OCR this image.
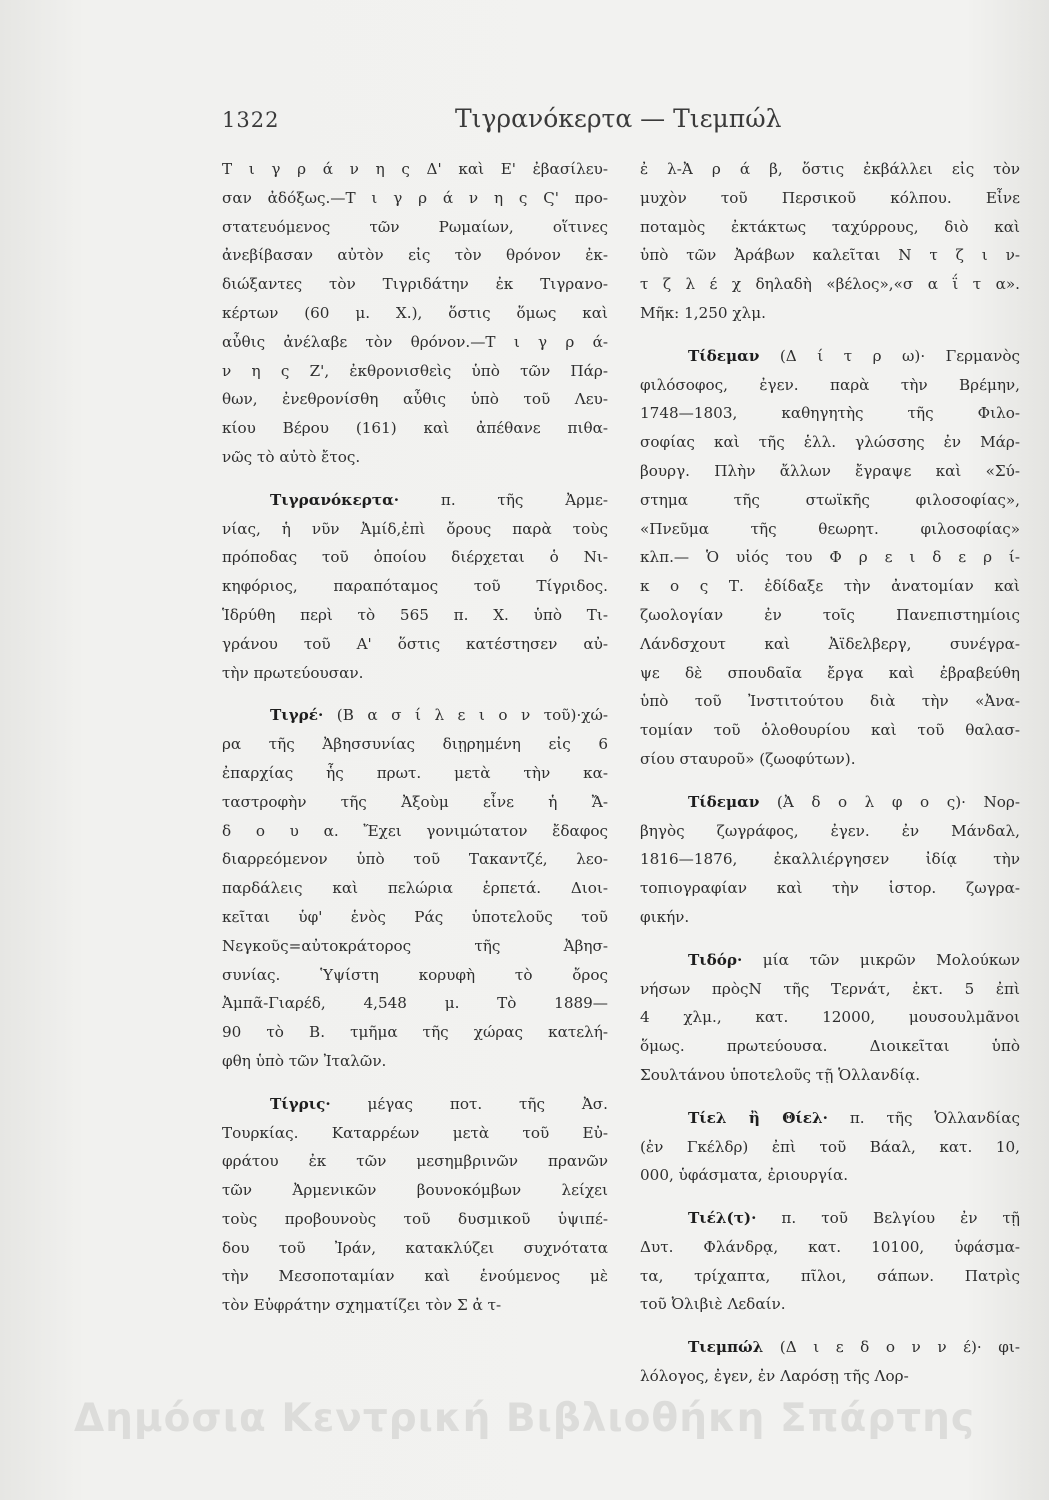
1322	Τιγρανόκερτα — Τιεμπώλ
Τ ι γ ρ ά ν η ς Δ' καὶ Ε' ἐβασίλευ-
σαν ἀδόξως.—Τ ι γ ρ ά ν η ς Ϛ' προ-
στατευόμενος τῶν Ρωμαίων, οἵτινες
ἀνεβίβασαν αὐτὸν εἰς τὸν θρόνον ἐκ-
διώξαντες τὸν Τιγριδάτην ἐκ Τιγρανο-
κέρτων (60 μ. Χ.), ὅστις ὅμως καὶ
αὖθις ἀνέλαβε τὸν θρόνον.—Τ ι γ ρ ά-
ν η ς Ζ', ἐκθρονισθεὶς ὑπὸ τῶν Πάρ-
θων, ἐνεθρονίσθη αὖθις ὑπὸ τοῦ Λευ-
κίου Βέρου (161) καὶ ἀπέθανε πιθα-
νῶς τὸ αὐτὸ ἔτος.
Τιγρανόκερτα· π. τῆς Ἀρμε-
νίας, ἡ νῦν Ἀμίδ,ἐπὶ ὄρους παρὰ τοὺς
πρόποδας τοῦ ὁποίου διέρχεται ὁ Νι-
κηφόριος, παραπόταμος τοῦ Τίγριδος.
Ἱδρύθη περὶ τὸ 565 π. Χ. ὑπὸ Τι-
γράνου τοῦ Α' ὅστις κατέστησεν αὐ-
τὴν πρωτεύουσαν.
Τιγρέ· (Β α σ ί λ ε ι ο ν τοῦ)·χώ-
ρα τῆς Ἀβησσυνίας διῃρημένη εἰς 6
ἐπαρχίας ἧς πρωτ. μετὰ τὴν κα-
ταστροφὴν τῆς Ἀξοὺμ εἶνε ἡ Ἄ-
δ ο υ α. Ἔχει γονιμώτατον ἔδαφος
διαρρεόμενον ὑπὸ τοῦ Τακαντζέ, λεο-
παρδάλεις καὶ πελώρια ἑρπετά. Διοι-
κεῖται ὑφ' ἑνὸς Ράς ὑποτελοῦς τοῦ
Νεγκοῦς=αὐτοκράτορος τῆς Ἀβησ-
συνίας. Ὑψίστη κορυφὴ τὸ ὄρος
Ἀμπᾶ-Γιαρέδ, 4,548 μ. Τὸ 1889—
90 τὸ Β. τμῆμα τῆς χώρας κατελή-
φθη ὑπὸ τῶν Ἰταλῶν.
Τίγρις· μέγας ποτ. τῆς Ἀσ.
Τουρκίας. Καταρρέων μετὰ τοῦ Εὐ-
φράτου ἐκ τῶν μεσημβρινῶν πρανῶν
τῶν Ἀρμενικῶν βουνοκόμβων λείχει
τοὺς προβουνοὺς τοῦ δυσμικοῦ ὑψιπέ-
δου τοῦ Ἰράν, κατακλύζει συχνότατα
τὴν Μεσοποταμίαν καὶ ἑνούμενος μὲ
τὸν Εὐφράτην σχηματίζει τὸν Σ ἀ τ-
ἐ λ-Ἀ ρ ά β, ὅστις ἐκβάλλει εἰς τὸν
μυχὸν τοῦ Περσικοῦ κόλπου. Εἶνε
ποταμὸς ἐκτάκτως ταχύρρους, διὸ καὶ
ὑπὸ τῶν Ἀράβων καλεῖται Ν τ ζ ι ν-
τ ζ λ έ χ δηλαδὴ «βέλος»,«σ α ΐ τ α».
Μῆκ: 1,250 χλμ.
Τίδεμαν (Δ ί τ ρ ω)· Γερμανὸς
φιλόσοφος, ἐγεν. παρὰ τὴν Βρέμην,
1748—1803, καθηγητὴς τῆς Φιλο-
σοφίας καὶ τῆς ἑλλ. γλώσσης ἐν Μάρ-
βουργ. Πλὴν ἄλλων ἔγραψε καὶ «Σύ-
στημα τῆς στωϊκῆς φιλοσοφίας»,
«Πνεῦμα τῆς θεωρητ. φιλοσοφίας»
κλπ.— Ὁ υἱός του Φ ρ ε ι δ ε ρ ί-
κ ο ς Τ. ἐδίδαξε τὴν ἀνατομίαν καὶ
ζωολογίαν ἐν τοῖς Πανεπιστημίοις
Λάνδσχουτ καὶ Ἀϊδελβεργ, συνέγρα-
ψε δὲ σπουδαῖα ἔργα καὶ ἐβραβεύθη
ὑπὸ τοῦ Ἰνστιτούτου διὰ τὴν «Ἀνα-
τομίαν τοῦ ὁλοθουρίου καὶ τοῦ θαλασ-
σίου σταυροῦ» (ζωοφύτων).
Τίδεμαν (Ἀ δ ο λ φ ο ς)· Νορ-
βηγὸς ζωγράφος, ἐγεν. ἐν Μάνδαλ,
1816—1876, ἐκαλλιέργησεν ἰδίᾳ τὴν
τοπιογραφίαν καὶ τὴν ἱστορ. ζωγρα-
φικήν.
Τιδόρ· μία τῶν μικρῶν Μολούκων
νήσων πρὸςΝ τῆς Τερνάτ, ἐκτ. 5 ἐπὶ
4 χλμ., κατ. 12000, μουσουλμᾶνοι
ὅμως. πρωτεύουσα. Διοικεῖται ὑπὸ
Σουλτάνου ὑποτελοῦς τῇ Ὁλλανδίᾳ.
Τίελ ἢ Θίελ· π. τῆς Ὁλλανδίας
(ἐν Γκέλδρ) ἐπὶ τοῦ Βάαλ, κατ. 10,
000, ὑφάσματα, ἐριουργία.
Τιέλ(τ)· π. τοῦ Βελγίου ἐν τῇ
Δυτ. Φλάνδρᾳ, κατ. 10100, ὑφάσμα-
τα, τρίχαπτα, πῖλοι, σάπων. Πατρὶς
τοῦ Ὀλιβιὲ Λεδαίν.
Τιεμπώλ (Δ ι ε δ ο ν ν έ)· φι-
λόλογος, ἐγεν, ἐν Λαρόσῃ τῆς Λορ-
Δημόσια Κεντρική Βιβλιοθήκη Σπάρτης
